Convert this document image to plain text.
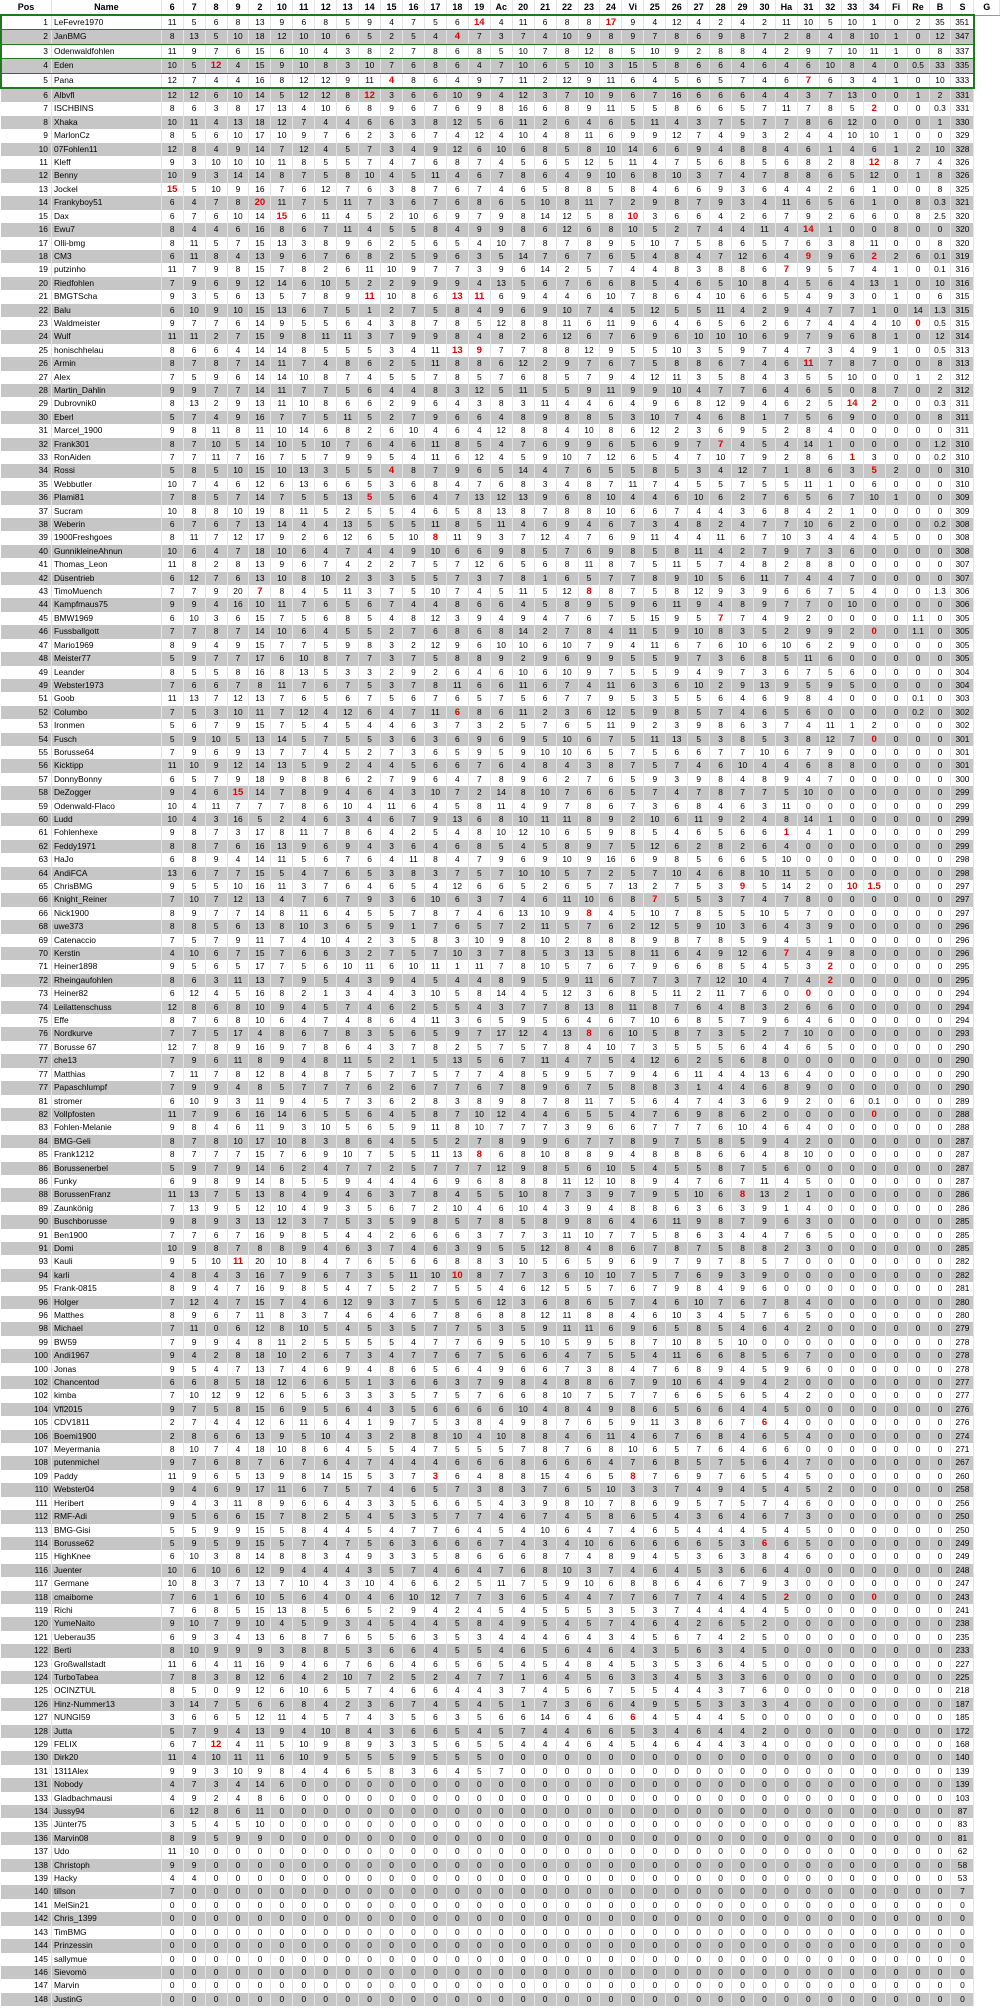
Pos	Name	6	7	8	9	2	10	11	12	13	14	15	16	17	18	19	Ac	20	21	22	23	24	Vi	25	26	27	28	29	30	Ha	31	32	33	34	Fi	Re	B	S	G
1	LeFevre1970	11	5	6	8	13	9	6	8	5	9	4	7	5	6	14	4	11	6	8	8	17	9	4	12	4	2	4	2	11	10	5	10	1	0	2	35	351	
2	JanBMG	8	13	5	10	18	12	10	10	6	5	2	5	4	4	7	3	7	4	10	9	8	9	7	8	6	9	8	7	2	8	4	8	10	1	0	12	347	
3	Odenwaldfohlen	11	9	7	6	15	6	10	4	3	8	2	7	8	6	8	5	10	7	8	12	8	5	10	9	2	8	8	4	2	9	7	10	11	1	0	8	337	
4	Eden	10	5	12	4	15	9	10	8	3	10	7	6	8	6	4	7	10	6	5	10	3	15	5	8	6	6	4	6	4	6	10	8	4	0	0.5	33	335	
5	Pana	12	7	4	4	16	8	12	12	9	11	4	8	6	4	9	7	11	2	12	9	11	6	4	5	6	5	7	4	6	7	6	3	4	1	0	10	333	
6	Albvfl	12	12	6	10	14	5	12	12	8	12	3	6	6	10	9	4	12	3	7	10	9	6	7	16	6	6	6	4	4	3	7	13	0	0	1	2	331	
7	ISCHBINS	8	6	3	8	17	13	4	10	6	8	9	6	7	6	9	8	16	6	8	9	11	5	5	8	6	6	5	7	11	7	8	5	2	0	0	0.3	331	
8	Xhaka	10	11	4	13	18	12	7	4	4	6	6	3	8	12	5	6	11	2	6	4	6	5	11	4	3	7	5	7	7	8	6	12	0	0	0	1	330	
9	MarlonCz	8	5	6	10	17	10	9	7	6	2	3	6	7	4	12	4	10	4	8	11	6	9	9	12	7	4	9	3	2	4	4	10	10	1	0	0	329	
10	07Fohlen11	12	8	4	9	14	7	12	4	5	7	3	4	9	12	6	10	6	8	5	8	10	14	6	6	9	4	8	8	4	6	1	4	6	1	2	10	328	
11	Kleff	9	3	10	10	10	11	8	5	5	7	4	7	6	8	7	4	5	6	5	12	5	11	4	7	5	6	8	5	6	8	2	8	12	8	7	4	326	
12	Benny	10	9	3	14	14	8	7	5	8	10	4	5	11	4	6	7	8	6	4	9	10	6	8	10	3	7	4	7	8	8	6	5	12	0	1	8	326	
13	Jockel	15	5	10	9	16	7	6	12	7	6	3	8	7	6	7	4	6	5	8	8	5	8	4	6	6	9	3	6	4	4	2	6	1	0	0	8	325	
14	Frankyboy51	6	4	7	8	20	11	7	5	11	7	3	6	7	6	8	6	5	10	8	11	7	2	9	8	7	9	3	4	11	6	5	6	1	0	8	0.3	321	
15	Dax	6	7	6	10	14	15	6	11	4	5	2	10	6	9	7	9	8	14	12	5	8	10	3	6	6	4	2	6	7	9	2	6	6	0	8	2.5	320	
16	Ewu7	8	4	4	6	16	8	6	7	11	4	5	5	8	4	9	9	8	6	12	6	8	10	5	2	7	4	4	11	4	14	1	0	0	8	0	0	320	
17	Olli-bmg	8	11	5	7	15	13	3	8	9	6	2	5	6	5	4	10	7	8	7	8	9	5	10	7	5	8	6	5	7	6	3	8	11	0	0	8	320	
18	CM3	6	11	8	4	13	9	6	7	6	8	2	5	9	6	3	5	14	7	6	7	6	5	4	8	4	7	12	6	4	9	9	6	2	2	6	0.1	319	
19	putzinho	11	7	9	8	15	7	8	2	6	11	10	9	7	7	3	9	6	14	2	5	7	4	4	8	3	8	8	6	7	9	5	7	4	1	0	0.1	316	
20	Riedfohlen	7	9	6	9	12	14	6	10	5	2	2	9	9	9	4	13	5	6	7	6	6	8	5	4	6	5	10	8	4	5	6	4	13	1	0	10	316	
21	BMGTScha	9	3	5	6	13	5	7	8	9	11	10	8	6	13	11	6	9	4	4	6	10	7	8	6	4	10	6	6	5	4	9	3	0	1	0	6	315	
22	Balu	6	10	9	10	15	13	6	7	5	1	2	7	5	8	4	9	6	9	10	7	4	5	12	5	5	11	4	2	9	4	7	7	1	0	14	1.3	315	
23	Waldmeister	9	7	7	6	14	9	5	5	6	4	3	8	7	8	5	12	8	8	11	6	11	9	6	4	6	5	6	2	6	7	4	4	4	10	0	0.5	315	
24	Wulf	11	11	2	7	15	9	8	11	11	3	7	9	9	8	4	8	2	6	12	6	7	6	9	6	10	10	10	6	9	7	9	6	8	1	0	12	314	
25	honischhelau	8	6	6	4	14	14	8	5	5	5	3	4	11	13	9	7	7	8	8	12	9	5	5	10	3	5	9	7	4	7	3	4	9	1	0	0.5	313	
26	Armin	8	7	8	7	14	11	7	4	8	6	2	5	11	8	8	6	12	2	9	7	6	7	5	8	8	6	7	4	6	11	7	8	7	0	0	8	313	
27	Alex	7	5	9	6	14	14	10	8	7	4	5	5	7	8	5	7	6	8	5	7	9	4	12	11	3	5	8	4	3	5	5	10	0	0	1	2	312	
28	Martin_Dahlin	9	9	7	7	14	11	7	7	5	6	4	4	8	3	12	5	11	5	5	9	11	9	9	10	4	7	7	6	4	6	5	0	8	7	0	2	312	
29	Dubrovnik0	8	13	2	9	13	11	10	8	6	6	2	9	6	4	3	8	3	11	4	4	6	4	9	6	8	12	9	4	6	2	5	14	2	0	0	0.3	311	
30	Eberl	5	7	4	9	16	7	7	5	11	5	2	7	9	6	6	4	8	9	8	8	5	3	10	7	4	6	8	1	7	5	6	9	0	0	0	8	311	
31	Marcel_1900	9	8	11	8	11	10	14	6	8	2	6	10	4	6	4	12	8	8	4	10	8	6	12	2	3	6	9	5	2	8	4	0	0	0	0	0	311	
32	Frank301	8	7	10	5	14	10	5	10	7	6	4	6	11	8	5	4	7	6	9	9	6	5	6	9	7	7	4	5	4	14	1	0	0	0	0	1.2	310	
33	RonAiden	7	7	11	7	16	7	5	7	9	9	5	4	11	6	12	4	5	9	10	7	12	6	5	4	7	10	7	9	2	8	6	1	3	0	0	0.2	310	
34	Rossi	5	8	5	10	15	10	13	3	5	5	4	8	7	9	6	5	14	4	7	6	5	5	8	5	3	4	12	7	1	8	6	3	5	2	0	0	310	
35	Webbutler	10	7	4	6	12	6	13	6	6	5	3	6	8	4	7	6	8	3	4	8	7	11	7	4	5	5	7	5	5	11	1	0	6	0	0	0	310	
36	Plami81	7	8	5	7	14	7	5	5	13	5	5	6	4	7	13	12	13	9	6	8	10	4	4	6	10	6	2	7	6	5	6	7	10	1	0	0	309	
37	Sucram	10	8	8	10	19	8	11	5	2	5	5	4	6	5	8	13	8	7	8	8	10	6	6	7	4	4	3	6	8	4	2	1	0	0	0	0	309	
38	Weberin	6	7	6	7	13	14	4	4	13	5	5	5	11	8	5	11	4	6	9	4	6	7	3	4	8	2	4	7	7	10	6	2	0	0	0	0.2	308	
39	1900Freshgoes	8	11	7	12	17	9	2	6	12	6	5	10	8	11	9	3	7	12	4	7	6	9	11	4	4	11	6	7	10	3	4	4	4	5	0	0	308	
40	GunnikleineAhnun	10	6	4	7	18	10	6	4	7	4	4	9	10	6	6	9	8	5	7	6	9	8	5	8	11	4	2	7	9	7	3	6	0	0	0	0	308	
41	Thomas_Leon	11	8	2	8	13	9	6	7	4	2	2	7	5	7	12	6	5	6	8	11	8	7	5	11	5	7	4	8	2	8	8	0	0	0	0	0	307	
42	Düsentrieb	6	12	7	6	13	10	8	10	2	3	3	5	5	7	3	7	8	1	6	5	7	7	8	9	10	5	6	11	7	4	4	7	0	0	0	0	307	
43	TimoMuench	7	7	9	20	7	8	4	5	11	3	7	5	10	7	4	5	11	5	12	8	8	7	5	8	12	9	3	9	6	6	7	5	4	0	0	1.3	306	
44	Kampfmaus75	9	9	4	16	10	11	7	6	5	6	7	4	4	8	6	6	4	5	8	9	5	9	6	11	9	4	8	9	7	7	0	10	0	0	0	0	306	
45	BMW1969	6	10	3	6	15	7	5	6	8	5	4	8	12	3	9	4	9	4	7	6	7	5	15	9	5	7	7	4	9	2	0	0	0	0	1.1	0	305	
46	Fussballgott	7	7	8	7	14	10	6	4	5	5	2	7	6	8	6	8	14	2	7	8	4	11	5	9	10	8	3	5	2	9	9	2	0	0	1.1	0	305	
47	Mario1969	8	9	4	9	15	7	7	5	9	8	3	2	12	9	6	10	10	6	10	7	9	4	11	6	7	6	10	6	10	6	2	9	0	0	0	0	305	
48	Meister77	5	9	7	7	17	6	10	8	7	7	3	7	5	8	8	9	2	9	6	9	9	5	5	9	7	3	6	8	5	11	6	0	0	0	0	0	305	
49	Leander	8	5	5	8	16	8	13	5	3	3	2	9	2	6	4	6	10	6	10	9	7	5	5	9	4	9	7	3	6	7	5	6	0	0	0	0	304	
49	Webster1973	7	6	6	7	8	11	7	6	7	5	3	7	8	11	6	6	11	6	7	4	11	6	3	6	10	2	9	13	9	5	9	5	0	0	0	0	304	
51	Goob	11	13	7	12	13	7	6	5	6	7	5	6	7	6	5	7	5	6	7	7	9	5	3	5	5	6	4	6	9	8	4	0	0	0	0.1	0	303	
52	Columbo	7	5	3	10	11	7	12	4	12	6	4	7	11	6	8	6	11	2	3	6	12	5	9	8	5	7	4	6	5	6	0	0	0	0	0.2	0	302	
53	Ironmen	5	6	7	9	15	7	5	4	5	4	4	6	3	7	3	2	5	7	6	5	11	9	2	3	9	8	6	3	7	4	11	1	2	0	0	0	302	
54	Fusch	5	9	10	5	13	14	5	7	5	5	3	6	3	6	9	6	9	5	10	6	7	5	11	13	5	3	8	5	3	8	12	7	0	0	0	0	301	
55	Borusse64	7	9	6	9	13	7	7	4	5	2	7	3	6	5	9	5	9	10	10	6	5	7	5	6	6	7	7	10	6	7	9	0	0	0	0	0	301	
56	Kicktipp	11	10	9	12	14	13	5	9	2	4	4	5	6	6	7	6	4	8	4	3	8	7	5	7	4	6	10	4	4	6	8	8	0	0	0	0	301	
57	DonnyBonny	6	5	7	9	18	9	8	8	6	2	7	9	6	4	7	8	9	6	2	7	6	5	9	3	9	8	4	8	9	4	7	0	0	0	0	0	300	
58	DeZogger	9	4	6	15	14	7	8	9	4	6	4	3	10	7	2	14	8	10	7	6	6	5	7	4	7	8	7	7	5	10	0	0	0	0	0	0	299	
59	Odenwald-Flaco	10	4	11	7	7	7	8	6	10	4	11	6	4	5	8	11	4	9	7	8	6	7	3	6	8	4	6	3	11	0	0	0	0	0	0	0	299	
60	Ludd	10	4	3	16	5	2	4	6	3	4	6	7	9	13	6	8	10	11	11	8	9	2	10	6	11	9	2	4	8	14	1	0	0	0	0	0	299	
61	Fohlenhexe	9	8	7	3	17	8	11	7	8	6	4	2	5	4	8	10	12	10	6	5	9	8	5	4	6	5	6	6	1	4	1	0	0	0	0	0	299	
62	Feddy1971	8	8	7	6	16	13	9	6	9	4	3	6	4	6	8	5	4	5	8	9	7	5	12	6	2	8	2	6	4	0	0	0	0	0	0	0	299	
63	HaJo	6	8	9	4	14	11	5	6	7	6	4	11	8	4	7	9	6	9	10	9	16	6	9	8	5	6	6	5	10	0	0	0	0	0	0	0	298	
64	AndiFCA	13	6	7	7	15	5	4	7	6	5	3	8	3	7	5	7	10	10	5	7	2	5	7	10	4	6	8	10	11	5	0	0	0	0	0	0	298	
65	ChrisBMG	9	5	5	10	16	11	3	7	6	4	6	5	4	12	6	6	5	2	6	5	7	13	2	7	5	3	9	5	14	2	0	10	1.5	0	0	0	297	
66	Knight_Reiner	7	10	7	12	13	4	7	6	7	9	3	6	10	6	3	7	4	6	11	10	6	8	7	5	5	3	7	4	7	8	0	0	0	0	0	0	297	
66	Nick1900	8	9	7	7	14	8	11	6	4	5	5	7	8	7	4	6	13	10	9	8	4	5	10	7	8	5	5	10	5	7	0	0	0	0	0	0	297	
68	uwe373	8	8	5	6	13	8	10	3	6	5	9	1	7	6	5	7	2	11	5	7	6	2	12	5	9	10	3	6	4	3	9	0	0	0	0	0	296	
69	Catenaccio	7	5	7	9	11	7	4	10	4	2	3	5	8	3	10	9	8	10	2	8	8	8	9	8	7	8	5	9	4	5	1	0	0	0	0	0	296	
70	Kerstin	4	10	6	7	15	7	6	6	3	2	7	5	7	10	3	7	8	5	3	13	5	8	11	6	4	9	12	6	7	4	9	8	0	0	0	0	296	
71	Heiner1898	9	5	6	5	17	7	5	6	10	11	6	10	11	1	11	7	8	10	5	7	6	7	9	6	6	8	5	4	5	3	2	0	0	0	0	0	295	
72	Rheingaufohlen	8	6	3	11	13	7	9	5	4	3	9	4	5	4	4	8	9	5	9	11	6	7	7	3	7	12	10	4	7	4	2	0	0	0	0	0	295	
73	Heiner82	6	12	4	5	16	8	2	1	3	4	4	3	10	5	8	14	4	5	12	3	6	8	5	11	2	11	7	6	0	0	0	0	0	0	0	0	294	
74	Leilattenschuss	12	8	6	8	10	9	4	5	7	4	6	2	5	5	4	3	7	7	8	13	8	11	8	7	6	4	8	3	2	6	6	0	0	0	0	0	294	
75	Effe	8	7	6	8	10	6	4	7	4	8	6	4	11	3	6	5	9	5	6	4	6	7	10	6	8	5	7	9	6	4	6	0	0	0	0	0	294	
76	Nordkurve	7	7	5	17	4	8	6	7	8	3	5	6	5	9	7	17	12	4	13	8	6	10	5	8	7	3	5	2	7	10	0	0	0	0	0	0	293	
77	Borusse 67	12	7	8	9	16	9	7	8	6	4	3	7	8	2	5	7	5	7	8	4	10	7	3	5	5	5	6	4	4	6	5	0	0	0	0	0	290	
77	che13	7	9	6	11	8	9	4	8	11	5	2	1	5	13	5	6	7	11	4	7	5	4	12	6	2	5	6	8	0	0	0	0	0	0	0	0	290	
77	Matthias	7	11	7	8	12	8	4	8	7	5	7	7	5	7	7	4	8	5	9	5	7	9	4	6	11	4	4	13	6	4	0	0	0	0	0	0	290	
77	Papaschlumpf	7	9	9	4	8	5	7	7	7	6	2	6	7	7	6	7	8	9	6	7	5	8	8	3	1	4	4	6	8	9	0	0	0	0	0	0	290	
81	stromer	6	10	9	3	11	9	4	5	7	3	6	2	8	3	8	9	8	7	8	11	7	5	6	4	7	4	3	6	9	2	0	6	0.1	0	0	0	289	
82	Vollpfosten	11	7	9	6	16	14	6	5	5	6	4	5	8	7	10	12	4	4	6	5	5	4	7	6	9	8	6	2	0	0	0	0	0	0	0	0	288	
83	Fohlen-Melanie	9	8	4	6	11	9	3	10	5	6	5	9	11	8	10	7	7	7	3	9	6	6	7	7	7	6	10	4	6	4	0	0	0	0	0	0	288	
84	BMG-Geli	8	7	8	10	17	10	8	3	8	6	4	5	5	2	7	8	9	9	6	7	7	8	9	7	5	8	5	9	4	2	0	0	0	0	0	0	287	
85	Frank1212	8	7	7	7	15	7	6	9	10	7	5	5	11	13	8	6	8	10	8	8	9	4	8	8	8	6	6	4	8	10	0	0	0	0	0	0	287	
86	Borussenerbel	5	9	7	9	14	6	2	4	7	7	2	5	7	7	7	12	9	8	5	6	10	5	4	5	5	8	7	5	6	0	0	0	0	0	0	0	287	
86	Funky	6	9	8	9	14	8	5	5	9	4	4	4	6	9	6	8	8	8	11	12	10	8	9	4	7	6	7	11	4	5	0	0	0	0	0	0	287	
88	BorussenFranz	11	13	7	5	13	8	4	9	4	6	3	7	8	4	5	5	10	8	7	3	9	7	9	5	10	6	8	13	2	1	0	0	0	0	0	0	286	
89	Zaunkönig	7	13	9	5	12	10	4	9	3	5	6	7	2	10	4	6	10	4	3	9	4	8	8	6	3	6	3	9	1	4	0	0	0	0	0	0	286	
90	Buschborusse	9	8	9	3	13	12	3	7	5	3	5	9	8	5	7	8	5	8	9	8	6	4	6	11	9	8	7	9	6	3	0	0	0	0	0	0	285	
91	Ben1900	7	7	6	7	16	9	8	5	4	4	2	6	6	6	3	7	7	3	11	10	7	7	5	8	6	3	4	4	7	6	5	0	0	0	0	0	285	
91	Domi	10	9	8	7	8	8	9	4	6	3	7	4	6	3	9	5	5	12	8	4	8	6	7	8	7	5	8	8	2	3	0	0	0	0	0	0	285	
93	Kauli	9	5	10	11	20	10	8	4	7	6	5	6	6	8	8	3	10	5	6	5	9	6	9	7	9	7	8	5	7	0	0	0	0	0	0	0	282	
94	karli	4	8	4	3	16	7	9	6	7	3	5	11	10	10	8	7	7	3	6	10	10	7	5	7	6	9	3	9	0	0	0	0	0	0	0	0	282	
95	Frank-0815	8	9	4	7	16	9	8	5	4	7	5	2	7	5	5	4	6	12	5	5	7	6	7	9	8	4	9	6	0	0	0	0	0	0	0	0	281	
96	Holger	7	12	4	7	15	7	4	6	12	9	3	7	5	5	6	12	3	6	8	6	5	7	4	6	10	7	6	7	8	4	0	0	0	0	0	0	280	
96	Matthes	8	9	6	7	11	8	3	7	4	6	4	6	7	8	6	8	8	12	11	8	8	4	6	10	3	4	5	7	6	5	0	0	0	0	0	0	280	
98	Michael	7	11	0	6	12	8	10	5	4	5	3	5	7	7	5	3	5	9	11	11	6	9	6	5	8	5	4	6	4	2	0	0	0	0	0	0	279	
99	BW59	7	9	9	4	8	11	2	5	5	5	5	4	7	7	6	9	5	10	5	9	5	8	7	10	8	5	10	0	0	0	0	0	0	0	0	0	278	
100	Andi1967	9	4	2	8	18	10	2	6	7	3	4	7	7	6	7	5	6	6	4	7	5	5	4	11	6	6	8	5	6	7	0	0	0	0	0	0	278	
100	Jonas	9	5	4	7	13	7	4	6	9	4	8	6	5	6	4	9	6	6	7	3	8	4	7	6	8	9	4	5	9	6	0	0	0	0	0	0	278	
102	Chancentod	6	6	8	5	18	12	6	6	5	1	3	6	6	3	7	9	8	4	8	8	6	7	9	10	6	4	9	4	2	0	0	0	0	0	0	0	277	
102	kimba	7	10	12	9	12	6	5	6	3	3	3	5	7	5	7	6	6	8	10	7	5	7	7	6	6	5	6	5	4	2	0	0	0	0	0	0	277	
104	Vfl2015	9	7	5	8	15	6	9	5	6	4	3	5	6	6	6	6	10	4	8	4	9	8	6	5	6	6	4	4	5	0	0	0	0	0	0	0	276	
105	CDV1811	2	7	4	4	12	6	11	6	4	1	9	7	5	3	8	4	9	8	7	6	5	9	11	3	8	6	7	6	4	0	0	0	0	0	0	0	276	
106	Boemi1900	2	8	6	6	13	9	5	10	4	3	2	8	8	10	4	10	8	8	4	6	11	4	6	7	6	8	4	6	5	4	0	0	0	0	0	0	274	
107	Meyermania	8	10	7	4	18	10	8	6	4	5	5	4	7	5	5	5	7	8	7	6	8	10	6	5	7	6	4	6	6	0	0	0	0	0	0	0	271	
108	putenmichel	9	7	6	8	7	6	7	6	4	7	4	4	4	6	6	6	8	6	6	6	4	7	6	8	5	7	5	6	4	7	0	0	0	0	0	0	267	
109	Paddy	11	9	6	5	13	9	8	14	15	5	3	7	3	6	4	8	8	15	4	6	5	8	7	6	9	7	6	5	4	5	0	0	0	0	0	0	260	
110	Webster04	9	4	6	9	17	11	6	7	5	7	4	6	5	7	3	8	3	7	6	5	10	3	3	7	4	9	4	5	4	5	2	0	0	0	0	0	258	
111	Heribert	9	4	3	11	8	9	6	6	4	3	3	5	6	6	5	4	3	9	8	10	7	8	6	9	5	7	5	7	4	6	0	0	0	0	0	0	256	
112	RMF-Adi	9	5	6	6	15	7	8	2	5	4	5	3	5	7	7	4	6	7	4	5	8	6	5	4	3	6	4	6	7	3	0	0	0	0	0	0	250	
113	BMG-Gisi	5	5	9	9	15	5	8	4	4	5	4	7	7	6	4	5	4	10	6	4	7	4	6	5	4	4	4	5	4	5	0	0	0	0	0	0	250	
114	Borusse62	5	9	5	9	15	5	7	4	7	5	6	3	6	6	6	7	4	3	4	10	6	6	6	6	6	5	3	6	6	5	0	0	0	0	0	0	249	
115	HighKnee	6	10	3	8	14	8	8	3	4	9	3	3	5	8	6	6	6	8	7	4	8	9	4	5	3	6	3	8	4	6	0	0	0	0	0	0	249	
116	Juenter	10	6	10	6	12	9	4	4	4	3	5	7	4	6	4	7	6	8	10	3	7	4	6	4	5	3	6	6	4	0	0	0	0	0	0	0	248	
117	Germane	10	8	3	7	13	7	10	4	3	10	4	6	6	2	5	11	7	5	9	10	6	8	8	6	4	6	7	9	3	0	0	0	0	0	0	0	247	
118	cmaiborne	7	6	1	6	10	5	6	4	0	4	6	10	12	7	7	3	6	5	4	4	7	7	6	7	7	4	4	5	2	0	0	0	0	0	0	0	243	
119	Richi	7	6	8	5	15	13	8	5	6	5	2	9	4	2	4	5	4	5	5	5	3	5	3	7	4	4	4	4	5	0	0	0	0	0	0	0	241	
120	YumeNaito	9	10	7	9	10	4	5	9	3	4	5	4	4	5	8	4	9	5	4	5	7	4	6	4	2	6	5	2	0	0	0	0	0	0	0	0	238	
121	Ueberau35	6	9	3	4	13	6	8	7	6	5	5	6	3	5	3	4	4	4	6	4	3	4	5	6	7	4	2	5	0	0	0	0	0	0	0	0	235	
122	Berti	8	10	9	9	9	3	8	8	5	3	6	6	4	5	5	4	6	5	6	4	6	4	3	5	6	3	4	5	0	0	0	0	0	0	0	0	233	
123	Großwallstadt	11	6	4	11	16	9	4	6	7	6	6	4	6	5	6	5	4	5	4	8	4	5	3	5	3	6	4	5	0	0	0	0	0	0	0	0	227	
124	TurboTabea	7	8	3	8	12	6	4	2	10	7	2	5	2	4	7	7	1	6	4	5	6	3	3	4	5	3	3	6	0	0	0	0	0	0	0	0	225	
125	OCINZTUL	8	5	0	9	12	6	10	6	5	7	4	6	6	4	4	3	7	4	5	6	7	5	5	4	4	3	7	6	0	0	0	0	0	0	0	0	218	
126	Hinz-Nummer13	3	14	7	5	6	6	8	4	2	3	6	7	4	5	4	5	1	7	3	6	6	4	9	5	5	3	3	3	4	0	0	0	0	0	0	0	187	
127	NUNGI59	3	6	6	5	12	11	4	5	7	4	3	5	6	3	5	6	6	14	6	4	6	6	4	5	4	4	5	0	0	0	0	0	0	0	0	0	185	
128	Jutta	5	7	9	4	13	9	4	10	8	4	3	6	6	5	4	5	7	4	4	6	6	5	3	4	6	4	4	2	0	0	0	0	0	0	0	0	172	
129	FELIX	6	7	12	4	11	5	10	9	8	9	3	3	5	6	5	5	4	4	4	6	4	5	4	6	4	4	3	4	0	0	0	0	0	0	0	0	168	
130	Dirk20	11	4	10	11	11	6	10	9	5	5	5	9	5	5	5	0	0	0	0	0	0	0	0	0	0	0	0	0	0	0	0	0	0	0	0	0	140	
131	1311Alex	9	9	3	10	9	8	4	4	6	5	8	3	6	4	5	7	0	0	0	0	0	0	0	0	0	0	0	0	0	0	0	0	0	0	0	0	139	
131	Nobody	4	7	3	4	14	6	0	0	0	0	0	0	0	0	0	0	0	0	0	0	0	0	0	0	0	0	0	0	0	0	0	0	0	0	0	0	139	
133	Gladbachmausi	4	9	2	4	8	6	0	0	0	0	0	0	0	0	0	0	0	0	0	0	0	0	0	0	0	0	0	0	0	0	0	0	0	0	0	0	103	
134	Jussy94	6	12	8	6	11	0	0	0	0	0	0	0	0	0	0	0	0	0	0	0	0	0	0	0	0	0	0	0	0	0	0	0	0	0	0	0	87	
135	Jünter75	3	5	4	5	10	0	0	0	0	0	0	0	0	0	0	0	0	0	0	0	0	0	0	0	0	0	0	0	0	0	0	0	0	0	0	0	83	
136	Marvin08	8	9	5	9	9	0	0	0	0	0	0	0	0	0	0	0	0	0	0	0	0	0	0	0	0	0	0	0	0	0	0	0	0	0	0	0	81	
137	Udo	11	10	0	0	0	0	0	0	0	0	0	0	0	0	0	0	0	0	0	0	0	0	0	0	0	0	0	0	0	0	0	0	0	0	0	0	62	
138	Christoph	9	9	0	0	0	0	0	0	0	0	0	0	0	0	0	0	0	0	0	0	0	0	0	0	0	0	0	0	0	0	0	0	0	0	0	0	58	
139	Hacky	4	4	0	0	0	0	0	0	0	0	0	0	0	0	0	0	0	0	0	0	0	0	0	0	0	0	0	0	0	0	0	0	0	0	0	0	53	
140	tillson	7	0	0	0	0	0	0	0	0	0	0	0	0	0	0	0	0	0	0	0	0	0	0	0	0	0	0	0	0	0	0	0	0	0	0	0	7	
141	MelSin21	0	0	0	0	0	0	0	0	0	0	0	0	0	0	0	0	0	0	0	0	0	0	0	0	0	0	0	0	0	0	0	0	0	0	0	0	0	
142	Chris_1399	0	0	0	0	0	0	0	0	0	0	0	0	0	0	0	0	0	0	0	0	0	0	0	0	0	0	0	0	0	0	0	0	0	0	0	0	0	
143	TimBMG	0	0	0	0	0	0	0	0	0	0	0	0	0	0	0	0	0	0	0	0	0	0	0	0	0	0	0	0	0	0	0	0	0	0	0	0	0	
144	Prinzessin	0	0	0	0	0	0	0	0	0	0	0	0	0	0	0	0	0	0	0	0	0	0	0	0	0	0	0	0	0	0	0	0	0	0	0	0	0	
145	sallymue	0	0	0	0	0	0	0	0	0	0	0	0	0	0	0	0	0	0	0	0	0	0	0	0	0	0	0	0	0	0	0	0	0	0	0	0	0	
146	Sievomö	0	0	0	0	0	0	0	0	0	0	0	0	0	0	0	0	0	0	0	0	0	0	0	0	0	0	0	0	0	0	0	0	0	0	0	0	0	
147	Marvin	0	0	0	0	0	0	0	0	0	0	0	0	0	0	0	0	0	0	0	0	0	0	0	0	0	0	0	0	0	0	0	0	0	0	0	0	0	
148	JustinG	0	0	0	0	0	0	0	0	0	0	0	0	0	0	0	0	0	0	0	0	0	0	0	0	0	0	0	0	0	0	0	0	0	0	0	0	0	
